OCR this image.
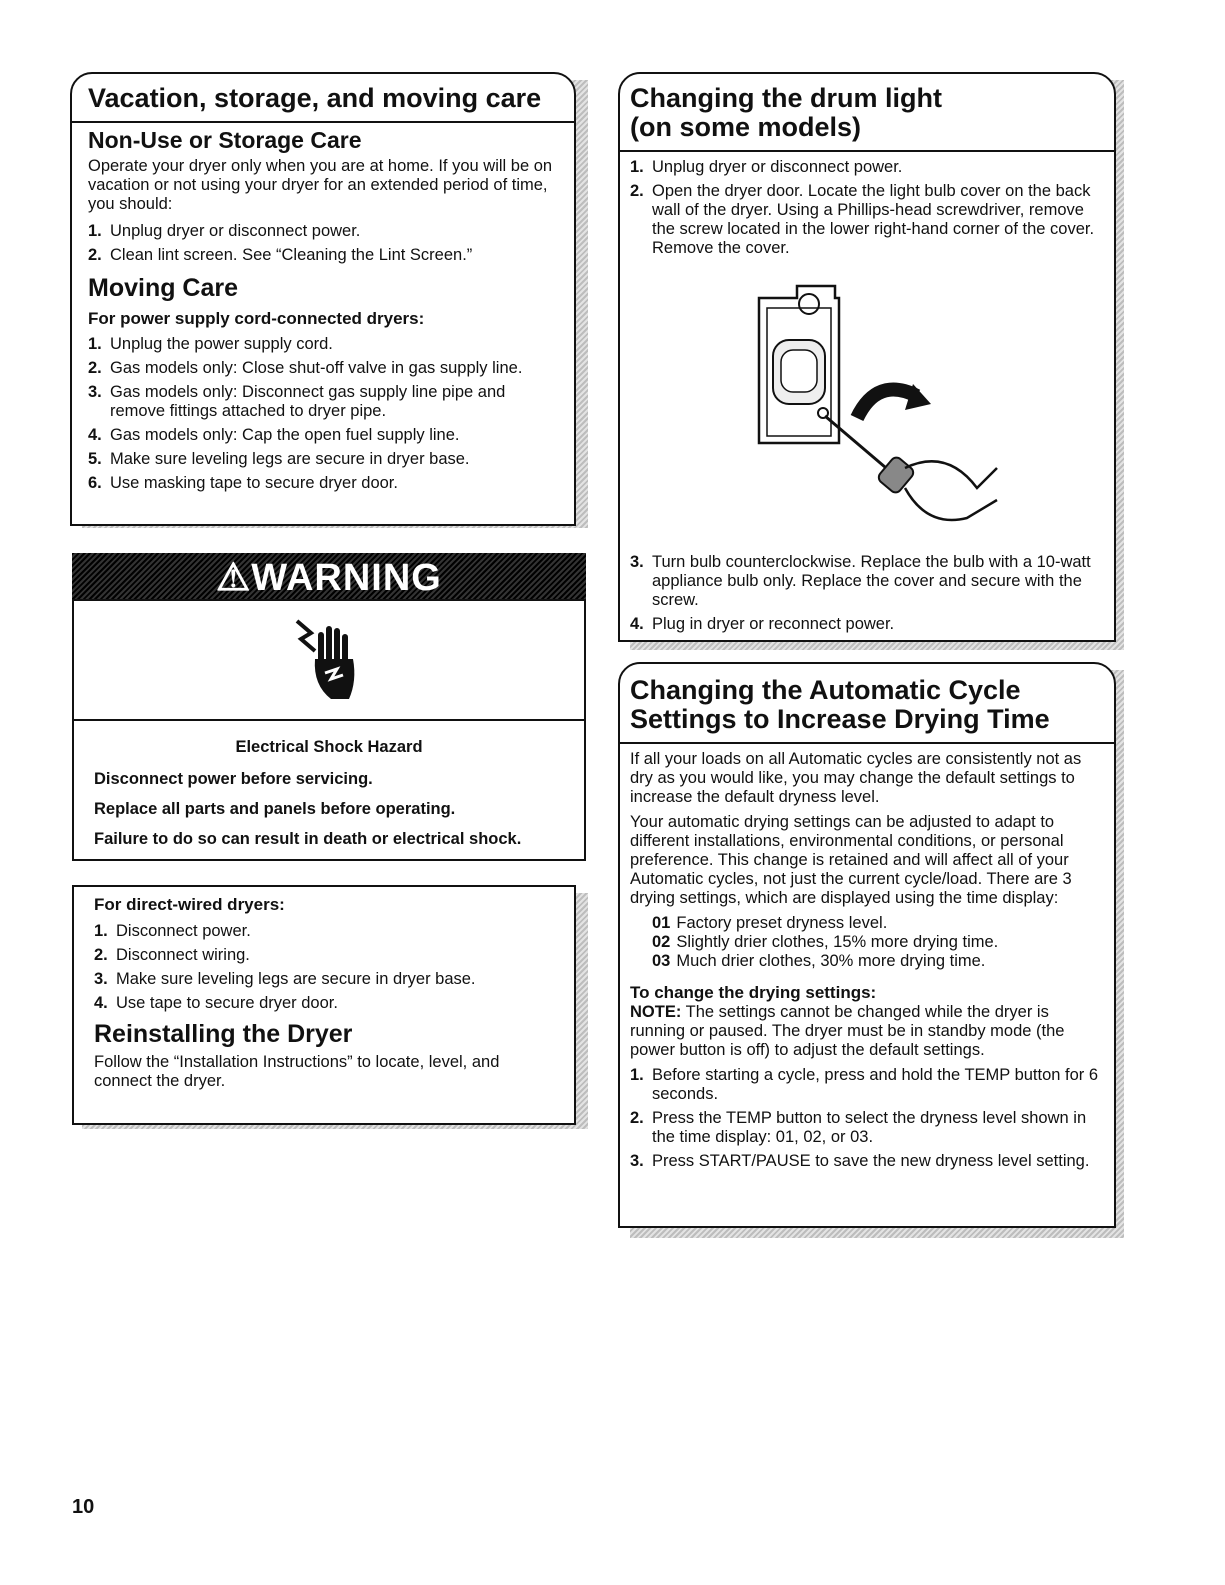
Vacation, storage, and moving care
Non-Use or Storage Care

Operate your dryer only when you are at home. If you will be on vacation or not using your dryer for an extended period of time, you should:

1. Unplug dryer or disconnect power.
2. Clean lint screen. See “Cleaning the Lint Screen.”
Moving Care
For power supply cord-connected dryers:
1. Unplug the power supply cord.
2. Gas models only: Close shut-off valve in gas supply line.
3. Gas models only: Disconnect gas supply line pipe and remove fittings attached to dryer pipe.
4. Gas models only: Cap the open fuel supply line.
5. Make sure leveling legs are secure in dryer base.
6. Use masking tape to secure dryer door.
⚠WARNING
Electrical Shock Hazard
Disconnect power before servicing.
Replace all parts and panels before operating.
Failure to do so can result in death or electrical shock.
For direct-wired dryers:
1. Disconnect power.
2. Disconnect wiring.
3. Make sure leveling legs are secure in dryer base.
4. Use tape to secure dryer door.
Reinstalling the Dryer

Follow the “Installation Instructions” to locate, level, and connect the dryer.

Changing the drum light
(on some models)
1. Unplug dryer or disconnect power.
2. Open the dryer door. Locate the light bulb cover on the back wall of the dryer. Using a Phillips-head screwdriver, remove the screw located in the lower right-hand corner of the cover. Remove the cover.
3. Turn bulb counterclockwise. Replace the bulb with a 10-watt appliance bulb only. Replace the cover and secure with the screw.
4. Plug in dryer or reconnect power.
Changing the Automatic Cycle
Settings to Increase Drying Time

If all your loads on all Automatic cycles are consistently not as dry as you would like, you may change the default settings to increase the default dryness level.

Your automatic drying settings can be adjusted to adapt to different installations, environmental conditions, or personal preference. This change is retained and will affect all of your Automatic cycles, not just the current cycle/load. There are 3 drying settings, which are displayed using the time display:

01 Factory preset dryness level.
02 Slightly drier clothes, 15% more drying time.
03 Much drier clothes, 30% more drying time.
To change the drying settings:

NOTE: The settings cannot be changed while the dryer is running or paused. The dryer must be in standby mode (the power button is off) to adjust the default settings.

1. Before starting a cycle, press and hold the TEMP button for 6 seconds.
2. Press the TEMP button to select the dryness level shown in the time display: 01, 02, or 03.
3. Press START/PAUSE to save the new dryness level setting.
10
